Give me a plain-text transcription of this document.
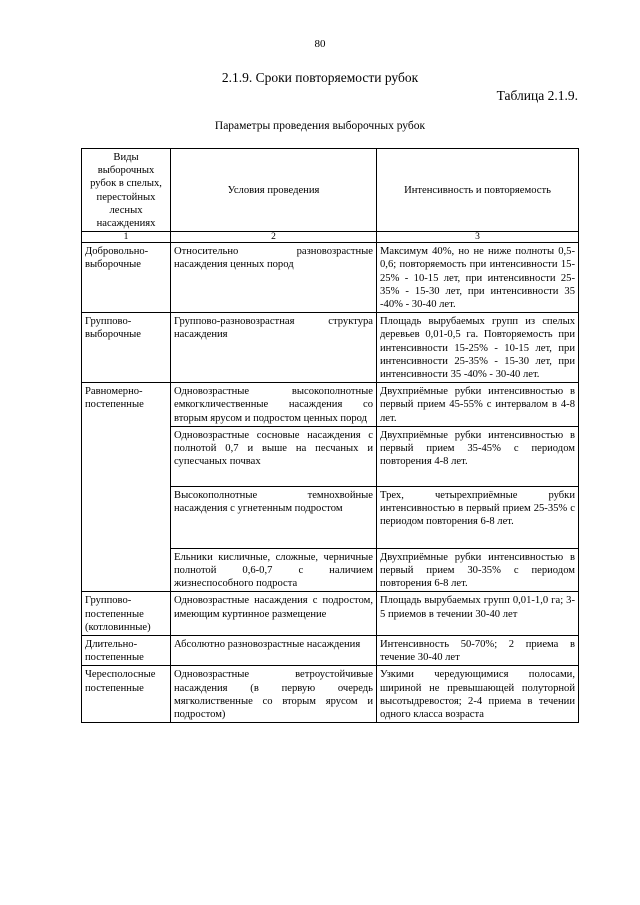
80
2.1.9. Сроки повторяемости рубок
Таблица 2.1.9.
Параметры проведения выборочных рубок
Виды выборочных рубок в спелых, перестойных лесных насаждениях	Условия проведения	Интенсивность и повторяемость
1	2	3
Добровольно-выборочные	Относительно разновозрастные насаждения ценных пород	Максимум 40%, но не ниже полноты 0,5-0,6; повторяемость при интенсивности 15-25% - 10-15 лет, при интенсивности 25-35% - 15-30 лет, при интенсивности 35 -40% - 30-40 лет.
Группово-выборочные	Группово-разновозрастная структура насаждения	Площадь вырубаемых групп из спелых деревьев 0,01-0,5 га. Повторяемость при интенсивности 15-25% - 10-15 лет, при интенсивности 25-35% - 15-30 лет, при интенсивности 35 -40% - 30-40 лет.
Равномерно-постепенные	Одновозрастные высокополнотные емкогкличественные насаждения со вторым ярусом и подростом ценных пород	Двухприёмные рубки интенсивностью в первый прием 45-55% с интервалом в 4-8 лет.
	Одновозрастные сосновые насаждения с полнотой 0,7 и выше на песчаных и супесчаных почвах	Двухприёмные рубки интенсивностью в первый прием 35-45% с периодом повторения 4-8 лет.
	Высокополнотные темнохвойные насаждения с угнетенным подростом	Трех, четырехприёмные рубки интенсивностью в первый прием 25-35% с периодом повторения 6-8 лет.
	Ельники кисличные, сложные, черничные полнотой 0,6-0,7 с наличием жизнеспособного подроста	Двухприёмные рубки интенсивностью в первый прием 30-35% с периодом повторения 6-8 лет.
Группово-постепенные (котловинные)	Одновозрастные насаждения с подростом, имеющим куртинное размещение	Площадь вырубаемых групп 0,01-1,0 га; 3-5 приемов в течении 30-40 лет
Длительно-постепенные	Абсолютно разновозрастные насаждения	Интенсивность 50-70%; 2 приема в течение 30-40 лет
Чересполосные постепенные	Одновозрастные ветроустойчивые насаждения (в первую очередь мягколиственные со вторым ярусом и подростом)	Узкими чередующимися полосами, шириной не превышающей полуторной высотыдревостоя; 2-4 приема в течении одного класса возраста
